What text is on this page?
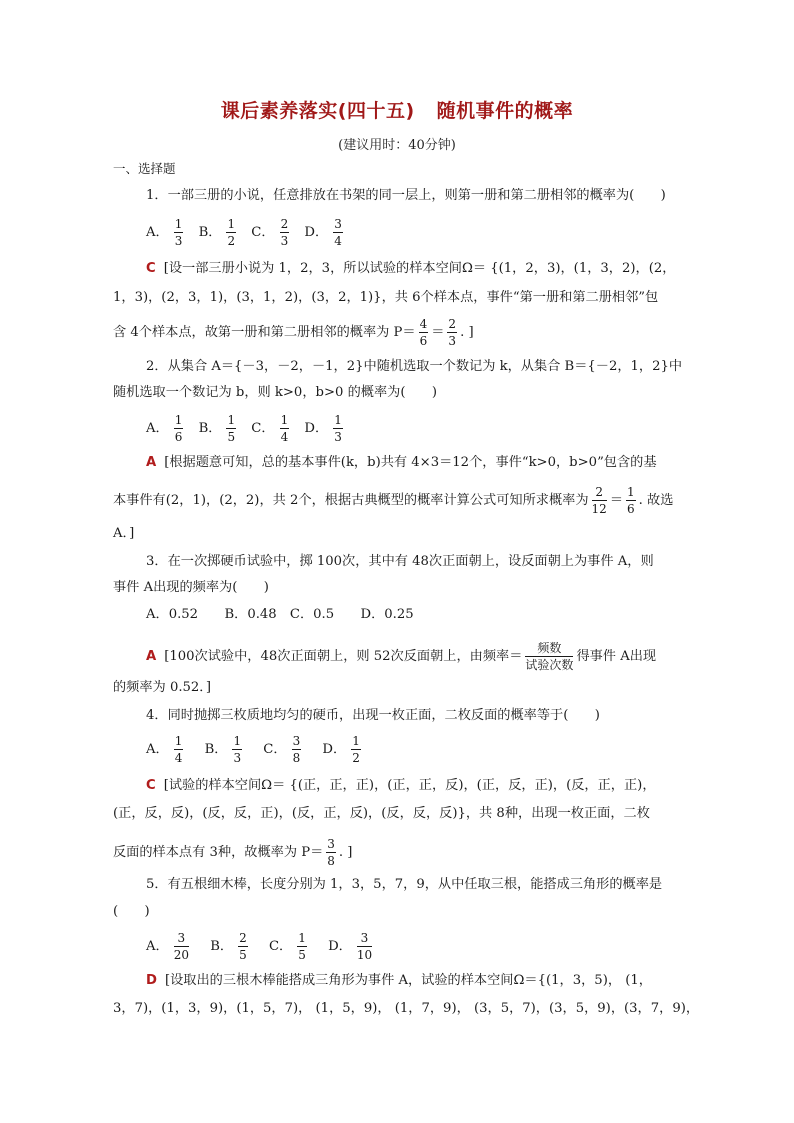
课后素养落实(四十五) 随机事件的概率
(建议用时：40分钟)
一、选择题
1．一部三册的小说，任意排放在书架的同一层上，则第一册和第二册相邻的概率为(　　)
A． $\frac{1}{3}$ B． $\frac{1}{2}$ C． $\frac{2}{3}$ D． $\frac{3}{4}$
C [设一部三册小说为 1，2，3，所以试验的样本空间Ω＝ {(1，2，3)，(1，3，2)，(2，
1，3)，(2，3，1)，(3，1，2)，(3，2，1)}，共 6个样本点，事件“第一册和第二册相邻”包
含 4个样本点，故第一册和第二册相邻的概率为 $P= \frac{4}{6} = \frac{2}{3}$ . ]
2．从集合 A＝{－3，－2，－1，2}中随机选取一个数记为 k，从集合 B＝{－2，1，2}中
随机选取一个数记为 b，则 k>0，b>0 的概率为(　　)
A． $\frac{1}{6}$ B． $\frac{1}{5}$ C． $\frac{1}{4}$ D． $\frac{1}{3}$
A [根据题意可知，总的基本事件(k，b)共有 4×3＝12个，事件“k>0，b>0”包含的基
本事件有(2，1)，(2，2)，共 2个，根据古典概型的概率计算公式可知所求概率为 $\frac{2}{12} = \frac{1}{6}$ . 故选
A．]
3．在一次掷硬币试验中，掷 100次，其中有 48次正面朝上，设反面朝上为事件 A，则
事件 A出现的频率为(　　)
A．0.52　　B．0.48　C．0.5　　D．0.25
A [100次试验中，48次正面朝上，则 52次反面朝上，由频率＝ $\frac{\text{频数}}{\text{试验次数}}$ 得事件 A出现
的频率为 0.52．]
4．同时抛掷三枚质地均匀的硬币，出现一枚正面，二枚反面的概率等于(　　)
A． $\frac{1}{4}$ B． $\frac{1}{3}$ C． $\frac{3}{8}$ D． $\frac{1}{2}$
C [试验的样本空间Ω＝ {(正，正，正)，(正，正，反)，(正，反，正)，(反，正，正)，
(正，反，反)，(反，反，正)，(反，正，反)，(反，反，反)}，共 8种，出现一枚正面，二枚
反面的样本点有 3种，故概率为 $P= \frac{3}{8}$ . ]
5．有五根细木棒，长度分别为 1，3，5，7，9，从中任取三根，能搭成三角形的概率是
(　　)
A． $\frac{3}{20}$ B． $\frac{2}{5}$ C． $\frac{1}{5}$ D． $\frac{3}{10}$
D [设取出的三根木棒能搭成三角形为事件 A，试验的样本空间Ω＝{(1，3，5)， (1，
3，7)，(1，3，9)，(1，5，7)， (1，5，9)， (1，7，9)， (3，5，7)，(3，5，9)，(3，7，9)，
